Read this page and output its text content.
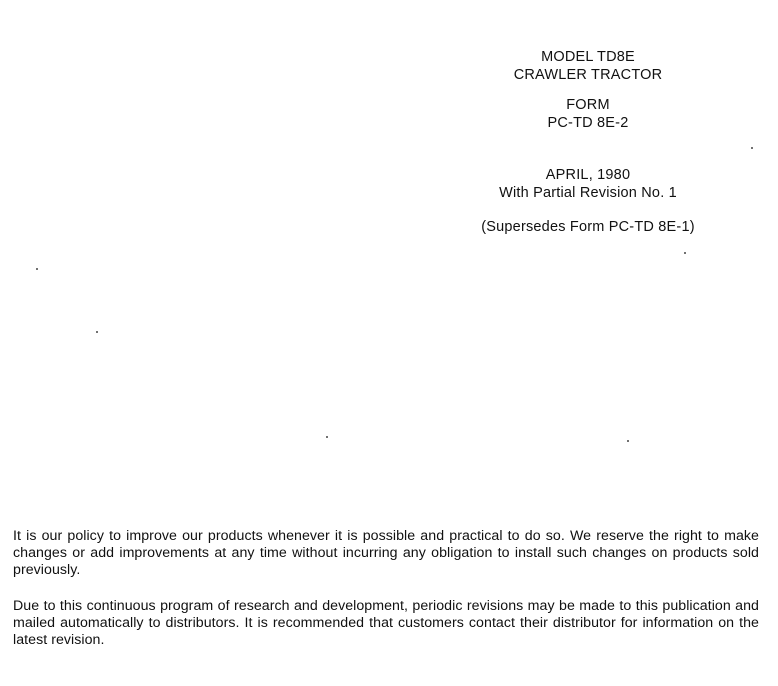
MODEL TD8E
CRAWLER TRACTOR
FORM
PC-TD 8E-2
APRIL, 1980
With Partial Revision No. 1
(Supersedes Form PC-TD 8E-1)

It is our policy to improve our products whenever it is possible and practical to do so. We reserve the right to make changes or add improvements at any time without incurring any obligation to install such changes on products sold previously.

Due to this continuous program of research and development, periodic revisions may be made to this publication and mailed automatically to distributors. It is recommended that customers contact their distributor for information on the latest revision.
